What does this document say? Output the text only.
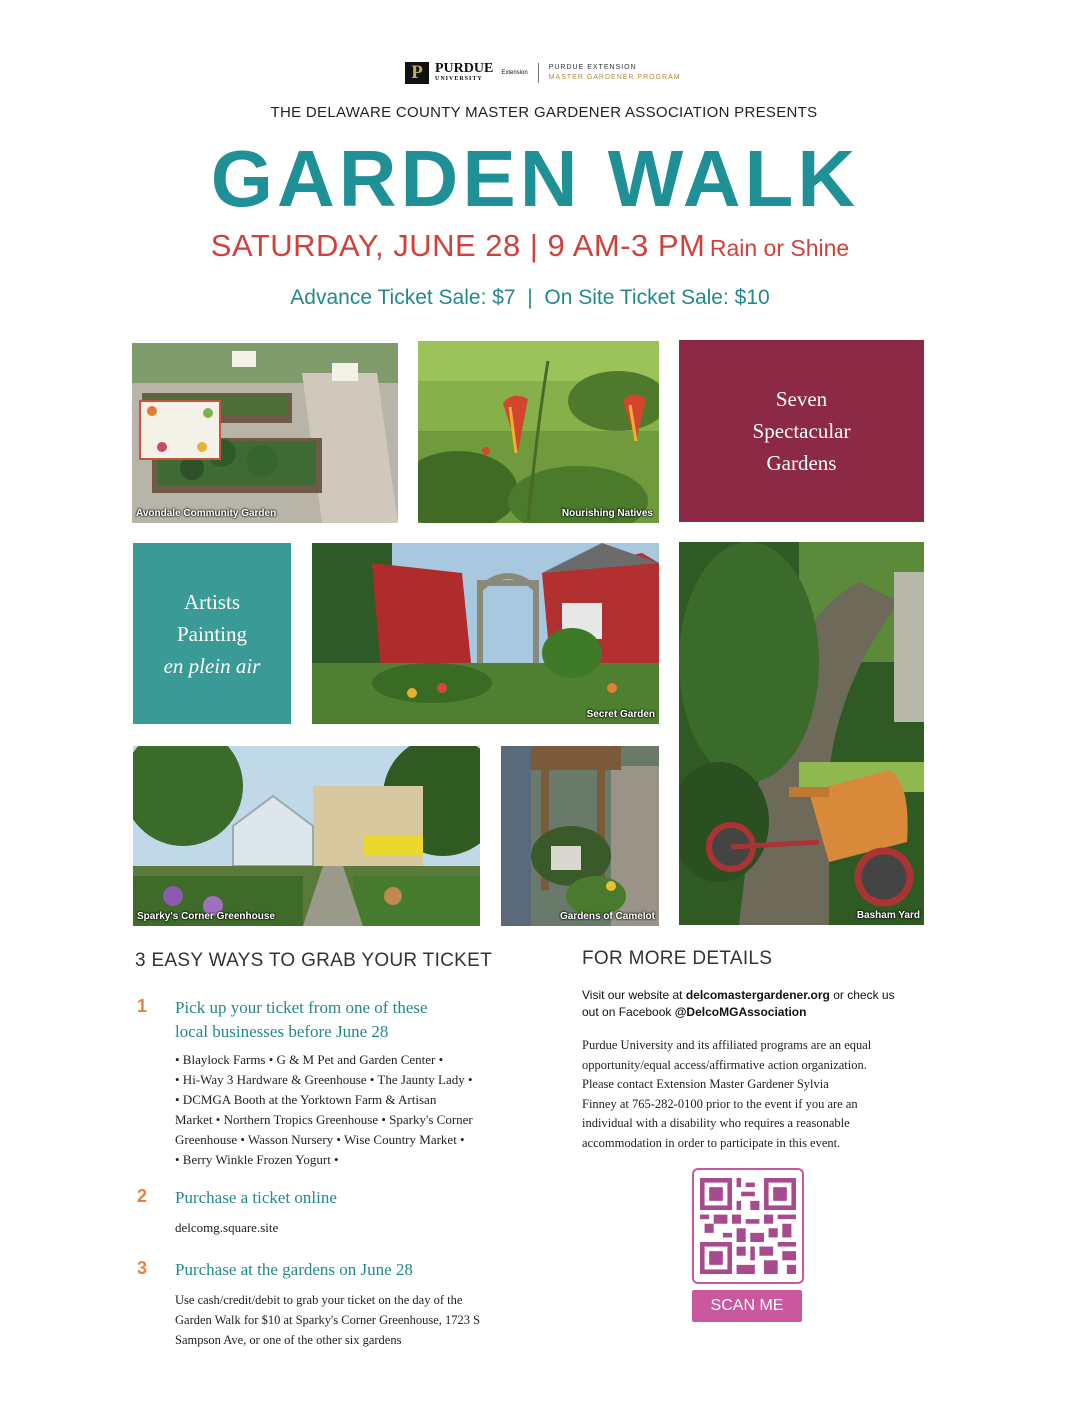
P PURDUE
UNIVERSITY
Extension
PURDUE EXTENSION
MASTER GARDENER PROGRAM
THE DELAWARE COUNTY MASTER GARDENER ASSOCIATION PRESENTS
GARDEN WALK
SATURDAY, JUNE 28 | 9 AM-3 PM Rain or Shine
Advance Ticket Sale: $7  |  On Site Ticket Sale: $10
Avondale Community Garden	Nourishing Natives
Seven
Spectacular
Gardens
Artists
Painting
en plein air
Secret Garden
Basham Yard
Sparky's Corner Greenhouse	Gardens of Camelot
3 EASY WAYS TO GRAB YOUR TICKET
1 Pick up your ticket from one of these
local businesses before June 28
• Blaylock Farms • G & M Pet and Garden Center •
• Hi-Way 3 Hardware & Greenhouse • The Jaunty Lady •
• DCMGA Booth at the Yorktown Farm & Artisan
Market • Northern Tropics Greenhouse • Sparky's Corner
Greenhouse • Wasson Nursery • Wise Country Market •
• Berry Winkle Frozen Yogurt •
2 Purchase a ticket online
delcomg.square.site
3 Purchase at the gardens on June 28
Use cash/credit/debit to grab your ticket on the day of the
Garden Walk for $10 at Sparky's Corner Greenhouse, 1723 S
Sampson Ave, or one of the other six gardens
FOR MORE DETAILS
Visit our website at delcomastergardener.org or check us
out on Facebook @DelcoMGAssociation
Purdue University and its affiliated programs are an equal
opportunity/equal access/affirmative action organization.
Please contact Extension Master Gardener Sylvia
Finney at 765-282-0100 prior to the event if you are an
individual with a disability who requires a reasonable
accommodation in order to participate in this event.
SCAN ME
